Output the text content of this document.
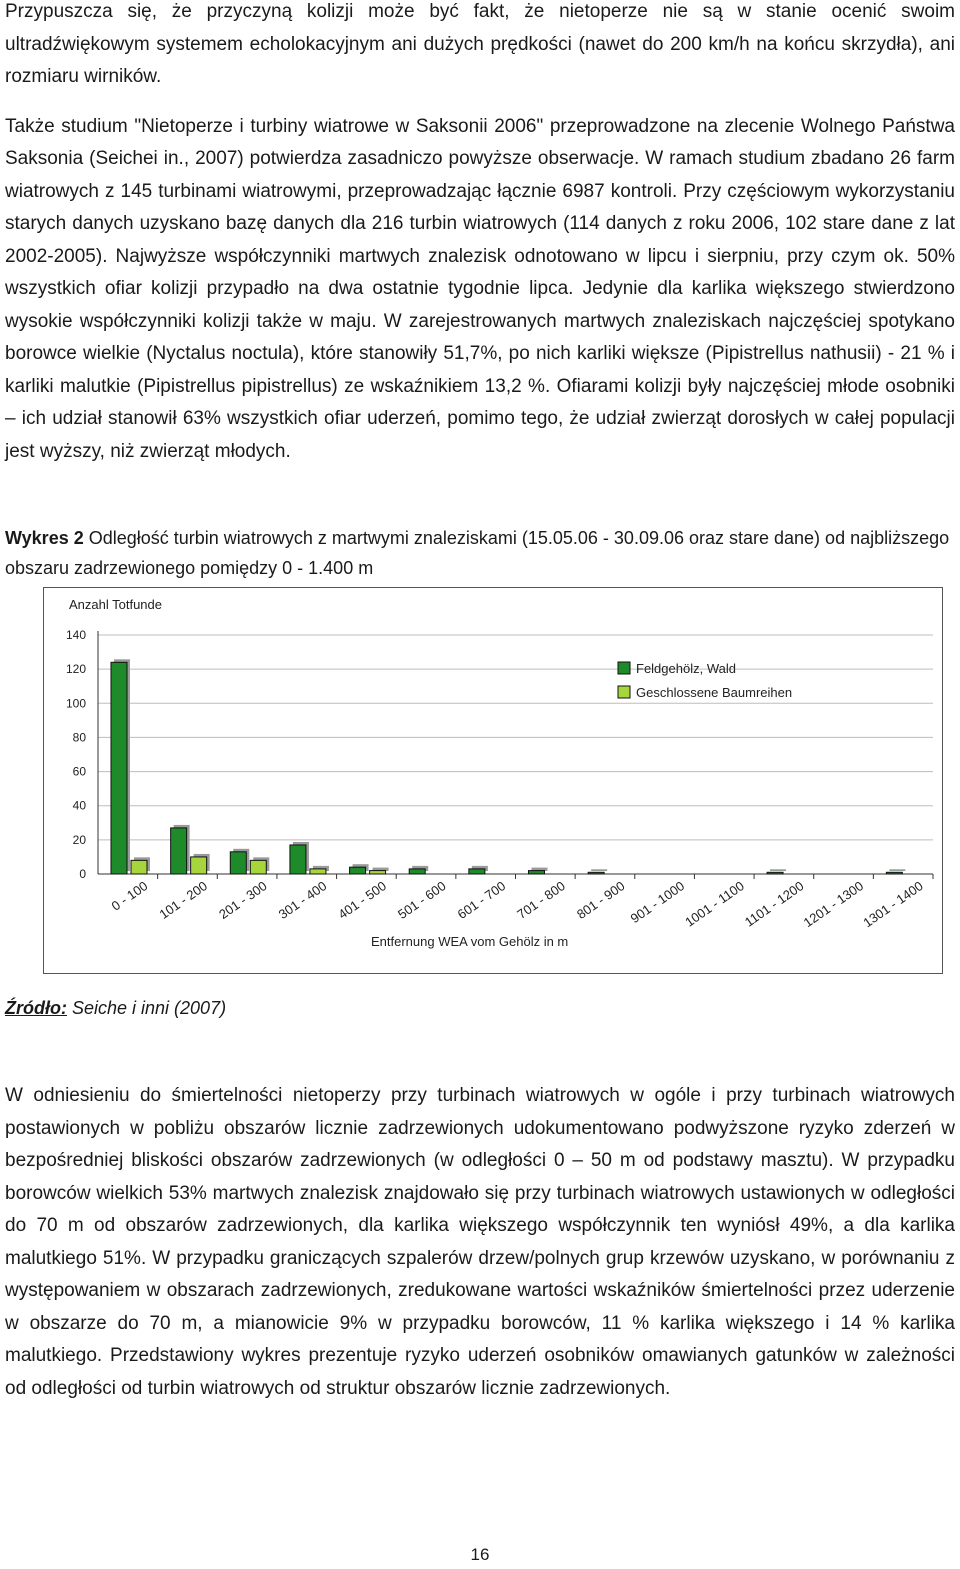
Przypuszcza się, że przyczyną kolizji może być fakt, że nietoperze nie są w stanie ocenić swoim ultradźwiękowym systemem echolokacyjnym ani dużych prędkości (nawet do 200 km/h na końcu skrzydła), ani rozmiaru wirników.

Także studium "Nietoperze i turbiny wiatrowe w Saksonii 2006" przeprowadzone na zlecenie Wolnego Państwa Saksonia (Seichei in., 2007) potwierdza zasadniczo powyższe obserwacje. W ramach studium zbadano 26 farm wiatrowych z 145 turbinami wiatrowymi, przeprowadzając łącznie 6987 kontroli. Przy częściowym wykorzystaniu starych danych uzyskano bazę danych dla 216 turbin wiatrowych (114 danych z roku 2006, 102 stare dane z lat 2002-2005). Najwyższe współczynniki martwych znalezisk odnotowano w lipcu i sierpniu, przy czym ok. 50% wszystkich ofiar kolizji przypadło na dwa ostatnie tygodnie lipca. Jedynie dla karlika większego stwierdzono wysokie współczynniki kolizji także w maju. W zarejestrowanych martwych znaleziskach najczęściej spotykano borowce wielkie (Nyctalus noctula), które stanowiły 51,7%, po nich karliki większe (Pipistrellus nathusii) - 21 % i karliki malutkie (Pipistrellus pipistrellus) ze wskaźnikiem 13,2 %. Ofiarami kolizji były najczęściej młode osobniki – ich udział stanowił 63% wszystkich ofiar uderzeń, pomimo tego, że udział zwierząt dorosłych w całej populacji jest wyższy, niż zwierząt młodych.

Wykres 2 Odległość turbin wiatrowych z martwymi znaleziskami (15.05.06 - 30.09.06 oraz stare dane) od najbliższego obszaru zadrzewionego pomiędzy 0 - 1.400 m

Anzahl Totfunde
0
20
40
60
80
100
120
140
0 - 100 101 - 200 201 - 300 301 - 400 401 - 500 501 - 600 601 - 700 701 - 800 801 - 900 901 - 1000
1001 - 1100
1101 - 1200
1201 - 1300
1301 - 1400
Entfernung WEA vom Gehölz in m
Feldgehölz, Wald
Geschlossene Baumreihen

Źródło: Seiche i inni (2007)

W odniesieniu do śmiertelności nietoperzy przy turbinach wiatrowych w ogóle i przy turbinach wiatrowych postawionych w pobliżu obszarów licznie zadrzewionych udokumentowano podwyższone ryzyko zderzeń w bezpośredniej bliskości obszarów zadrzewionych (w odległości 0 – 50 m od podstawy masztu). W przypadku borowców wielkich 53% martwych znalezisk znajdowało się przy turbinach wiatrowych ustawionych w odległości do 70 m od obszarów zadrzewionych, dla karlika większego współczynnik ten wyniósł 49%, a dla karlika malutkiego 51%. W przypadku graniczących szpalerów drzew/polnych grup krzewów uzyskano, w porównaniu z występowaniem w obszarach zadrzewionych, zredukowane wartości wskaźników śmiertelności przez uderzenie w obszarze do 70 m, a mianowicie 9% w przypadku borowców, 11 % karlika większego i 14 % karlika malutkiego. Przedstawiony wykres prezentuje ryzyko uderzeń osobników omawianych gatunków w zależności od odległości od turbin wiatrowych od struktur obszarów licznie zadrzewionych.

16
